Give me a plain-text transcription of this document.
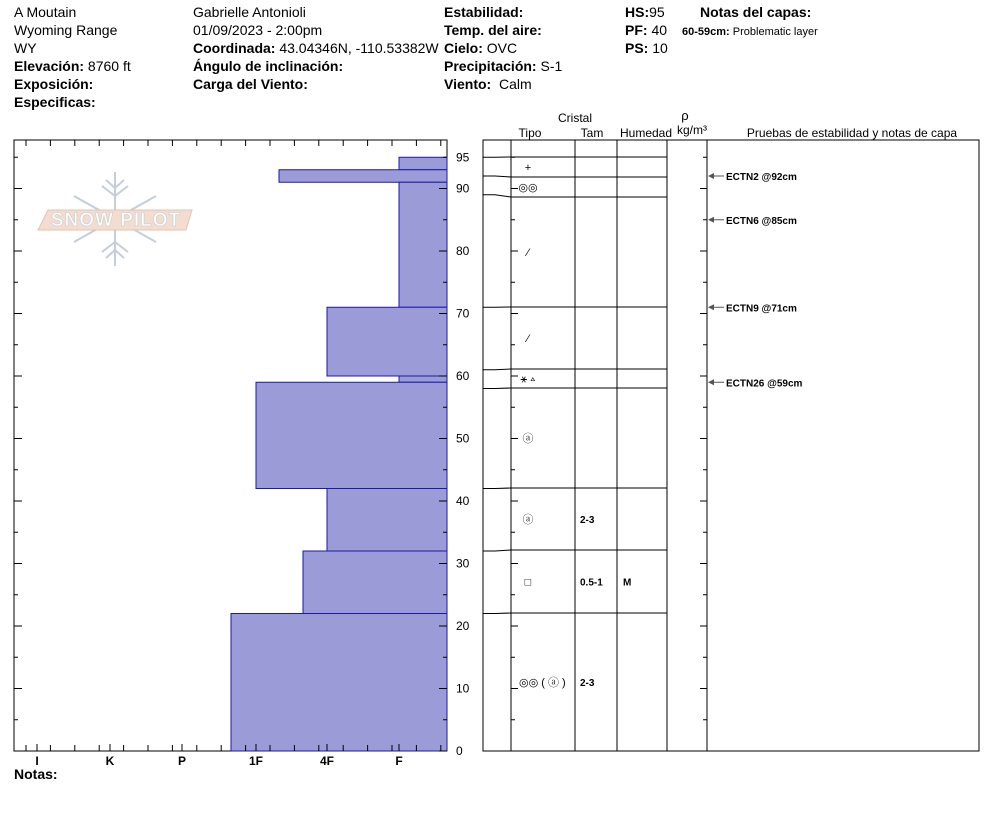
A Moutain
Wyoming Range
WY
Elevación: 8760 ft
Exposición:
Especificas:
Gabrielle Antonioli
01/09/2023 - 2:00pm
Coordinada: 43.04346N, -110.53382W
Ángulo de inclinación:
Carga del Viento:
Estabilidad:
Temp. del aire:
Cielo: OVC
Precipitación: S-1
Viento: Calm
HS:95
PF: 40
PS: 10
Notas del capas:
60-59cm: Problematic layer
Notas:
SNOW PILOT
I	K	P	1F	4F	F
0
10
20
30
40
50
60
70
80
90
95
+
◎◎
⁄
⁄
⚹ ▵
ⓐ
ⓐ	2-3
□	0.5-1 M
◎◎ ( ⓐ ) 2-3
ECTN2 @92cm
ECTN6 @85cm
ECTN9 @71cm
ECTN26 @59cm
Cristal
Tipo	Tam Humedad
ρ
kg/m³	Pruebas de estabilidad y notas de capa
